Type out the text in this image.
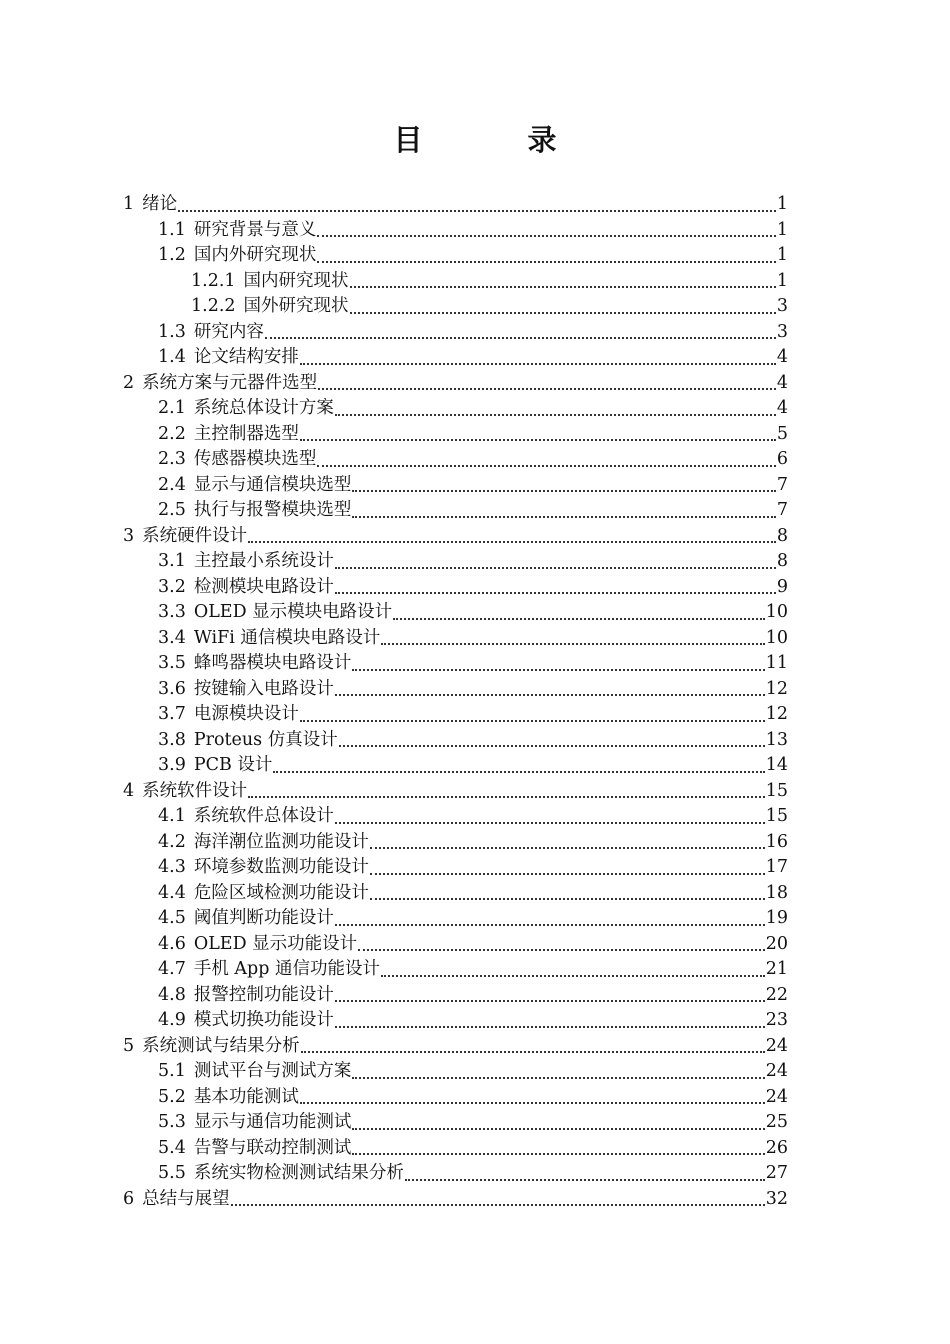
目　录
1 绪论	1
1.1 研究背景与意义	1
1.2 国内外研究现状	1
1.2.1 国内研究现状	1
1.2.2 国外研究现状	3
1.3 研究内容	3
1.4 论文结构安排	4
2 系统方案与元器件选型	4
2.1 系统总体设计方案	4
2.2 主控制器选型	5
2.3 传感器模块选型	6
2.4 显示与通信模块选型	7
2.5 执行与报警模块选型	7
3 系统硬件设计	8
3.1 主控最小系统设计	8
3.2 检测模块电路设计	9
3.3 OLED 显示模块电路设计	10
3.4 WiFi 通信模块电路设计	10
3.5 蜂鸣器模块电路设计	11
3.6 按键输入电路设计	12
3.7 电源模块设计	12
3.8 Proteus 仿真设计	13
3.9 PCB 设计	14
4 系统软件设计	15
4.1 系统软件总体设计	15
4.2 海洋潮位监测功能设计	16
4.3 环境参数监测功能设计	17
4.4 危险区域检测功能设计	18
4.5 阈值判断功能设计	19
4.6 OLED 显示功能设计	20
4.7 手机 App 通信功能设计	21
4.8 报警控制功能设计	22
4.9 模式切换功能设计	23
5 系统测试与结果分析	24
5.1 测试平台与测试方案	24
5.2 基本功能测试	24
5.3 显示与通信功能测试	25
5.4 告警与联动控制测试	26
5.5 系统实物检测测试结果分析	27
6 总结与展望	32
